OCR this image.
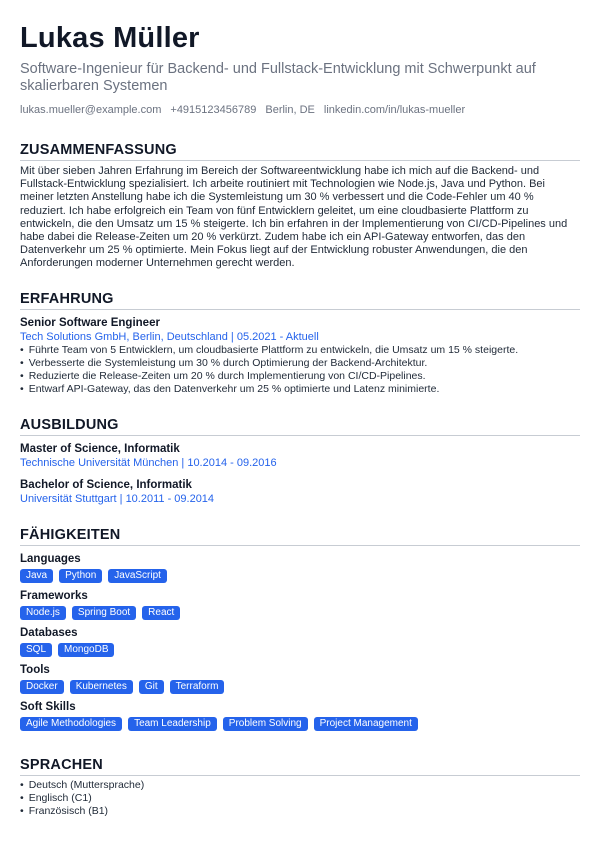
Lukas Müller
Software-Ingenieur für Backend- und Fullstack-Entwicklung mit Schwerpunkt auf skalierbaren Systemen
lukas.mueller@example.com +4915123456789 Berlin, DE linkedin.com/in/lukas-mueller
ZUSAMMENFASSUNG
Mit über sieben Jahren Erfahrung im Bereich der Softwareentwicklung habe ich mich auf die Backend- und Fullstack-Entwicklung spezialisiert. Ich arbeite routiniert mit Technologien wie Node.js, Java und Python. Bei meiner letzten Anstellung habe ich die Systemleistung um 30 % verbessert und die Code-Fehler um 40 % reduziert. Ich habe erfolgreich ein Team von fünf Entwicklern geleitet, um eine cloudbasierte Plattform zu entwickeln, die den Umsatz um 15 % steigerte. Ich bin erfahren in der Implementierung von CI/CD-Pipelines und habe dabei die Release-Zeiten um 20 % verkürzt. Zudem habe ich ein API-Gateway entworfen, das den Datenverkehr um 25 % optimierte. Mein Fokus liegt auf der Entwicklung robuster Anwendungen, die den Anforderungen moderner Unternehmen gerecht werden.
ERFAHRUNG
Senior Software Engineer
Tech Solutions GmbH, Berlin, Deutschland | 05.2021 - Aktuell
• Führte Team von 5 Entwicklern, um cloudbasierte Plattform zu entwickeln, die Umsatz um 15 % steigerte.
• Verbesserte die Systemleistung um 30 % durch Optimierung der Backend-Architektur.
• Reduzierte die Release-Zeiten um 20 % durch Implementierung von CI/CD-Pipelines.
• Entwarf API-Gateway, das den Datenverkehr um 25 % optimierte und Latenz minimierte.
AUSBILDUNG
Master of Science, Informatik
Technische Universität München | 10.2014 - 09.2016
Bachelor of Science, Informatik
Universität Stuttgart | 10.2011 - 09.2014
FÄHIGKEITEN
Languages
Java	Python	JavaScript
Frameworks
Node.js	Spring Boot	React
Databases
SQL	MongoDB
Tools
Docker	Kubernetes	Git	Terraform
Soft Skills
Agile Methodologies	Team Leadership	Problem Solving	Project Management
SPRACHEN
• Deutsch (Muttersprache)
• Englisch (C1)
• Französisch (B1)
